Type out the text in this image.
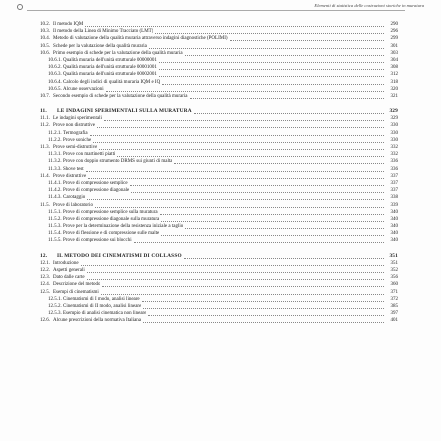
Elementi di statistica delle costruzioni storiche in muratura
10.2. Il metodo IQM	290
10.3. Il metodo della Linea di Minimo Tracciato (LMT)	296
10.4. Metodo di valutazione della qualità muraria attraverso indagini diagnostiche (POLIMI)	299
10.5. Schede per la valutazione della qualità muraria	301
10.6. Primo esempio di schede per la valutazione della qualità muraria	303
10.6.1. Qualità muraria dell'unità strutturale 00000001	304
10.6.2. Qualità muraria dell'unità strutturale 00001001	308
10.6.3. Qualità muraria dell'unità strutturale 00002001	312
10.6.4. Calcolo degli indici di qualità muraria IQM e IQ	318
10.6.5. Alcune osservazioni	320
10.7. Secondo esempio di schede per la valutazione della qualità muraria	321
11. LE INDAGINI SPERIMENTALI SULLA MURATURA	329
11.1. Le indagini sperimentali	329
11.2. Prove non distruttive	330
11.2.1. Termografia	330
11.2.2. Prove soniche	330
11.3. Prove semi-distruttive	332
11.3.1. Prove con martinetti piatti	332
11.3.2. Prove con doppio strumento DRMS sui giunti di malta	336
11.3.3. Shove test	336
11.4. Prove distruttive	337
11.4.1. Prove di compressione semplice	337
11.4.2. Prove di compressione diagonale	337
11.4.3. Carotaggio	338
11.5. Prove di laboratorio	339
11.5.1. Prove di compressione semplice sulla muratura	340
11.5.2. Prove di compressione diagonale sulla muratura	340
11.5.3. Prove per la determinazione della resistenza iniziale a taglio	340
11.5.4. Prove di flessione e di compressione sulle malte	340
11.5.5. Prove di compressione sui blocchi	340
12. IL METODO DEI CINEMATISMI DI COLLASSO	351
12.1. Introduzione	351
12.2. Aspetti generali	352
12.3. Dato dalle carte	356
12.4. Descrizione del metodo	360
12.5. Esempi di cinematismi	371
12.5.1. Cinematismi di I modo, analisi lineare	372
12.5.2. Cinematismi di II modo, analisi lineare	385
12.5.3. Esempio di analisi cinematica non lineare	397
12.6. Alcune prescrizioni della normativa Italiana	401
